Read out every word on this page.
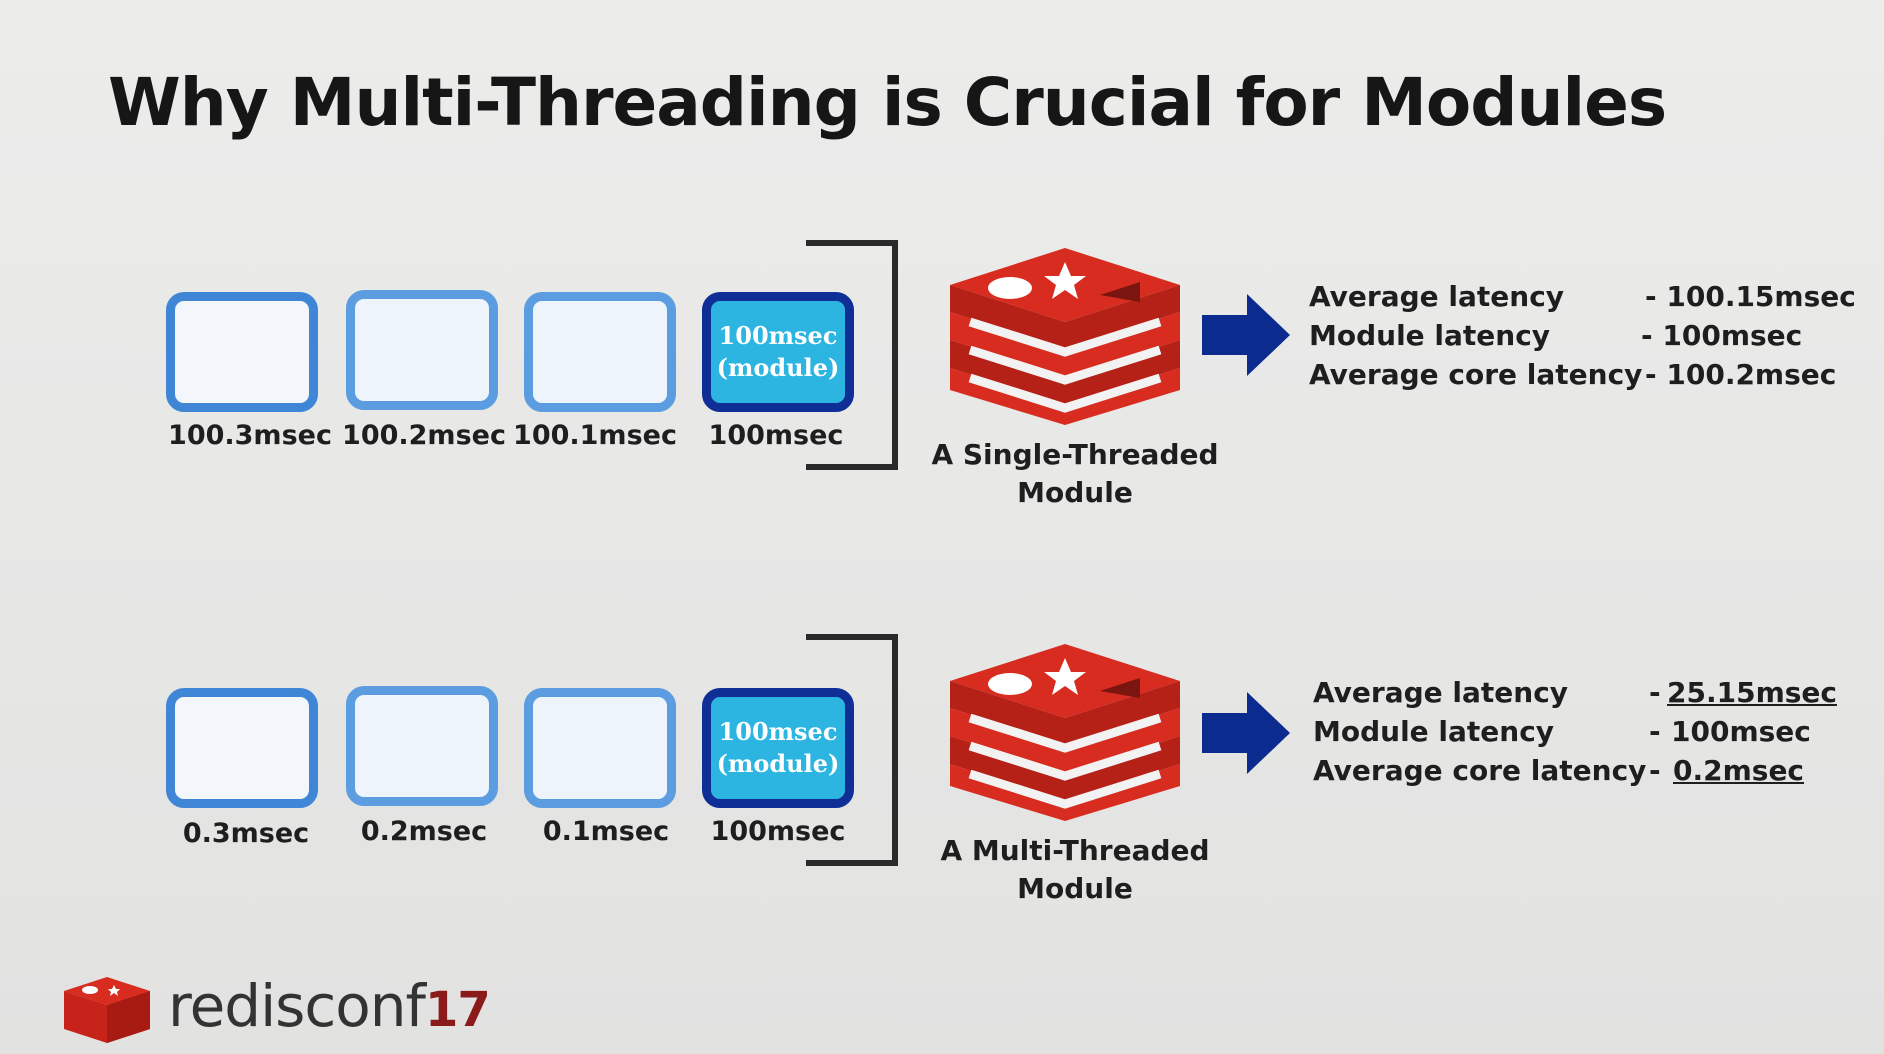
Why Multi-Threading is Crucial for Modules
100msec
(module)
100.3msec 100.2msec 100.1msec	100msec
A Single-Threaded
Module
Average latency	- 100.15msec
Module latency	- 100msec
Average core latency - 100.2msec
100msec
(module)
0.3msec	0.2msec	0.1msec	100msec
A Multi-Threaded
Module
Average latency	- 25.15msec
Module latency	- 100msec
Average core latency - 0.2msec
redisconf17
